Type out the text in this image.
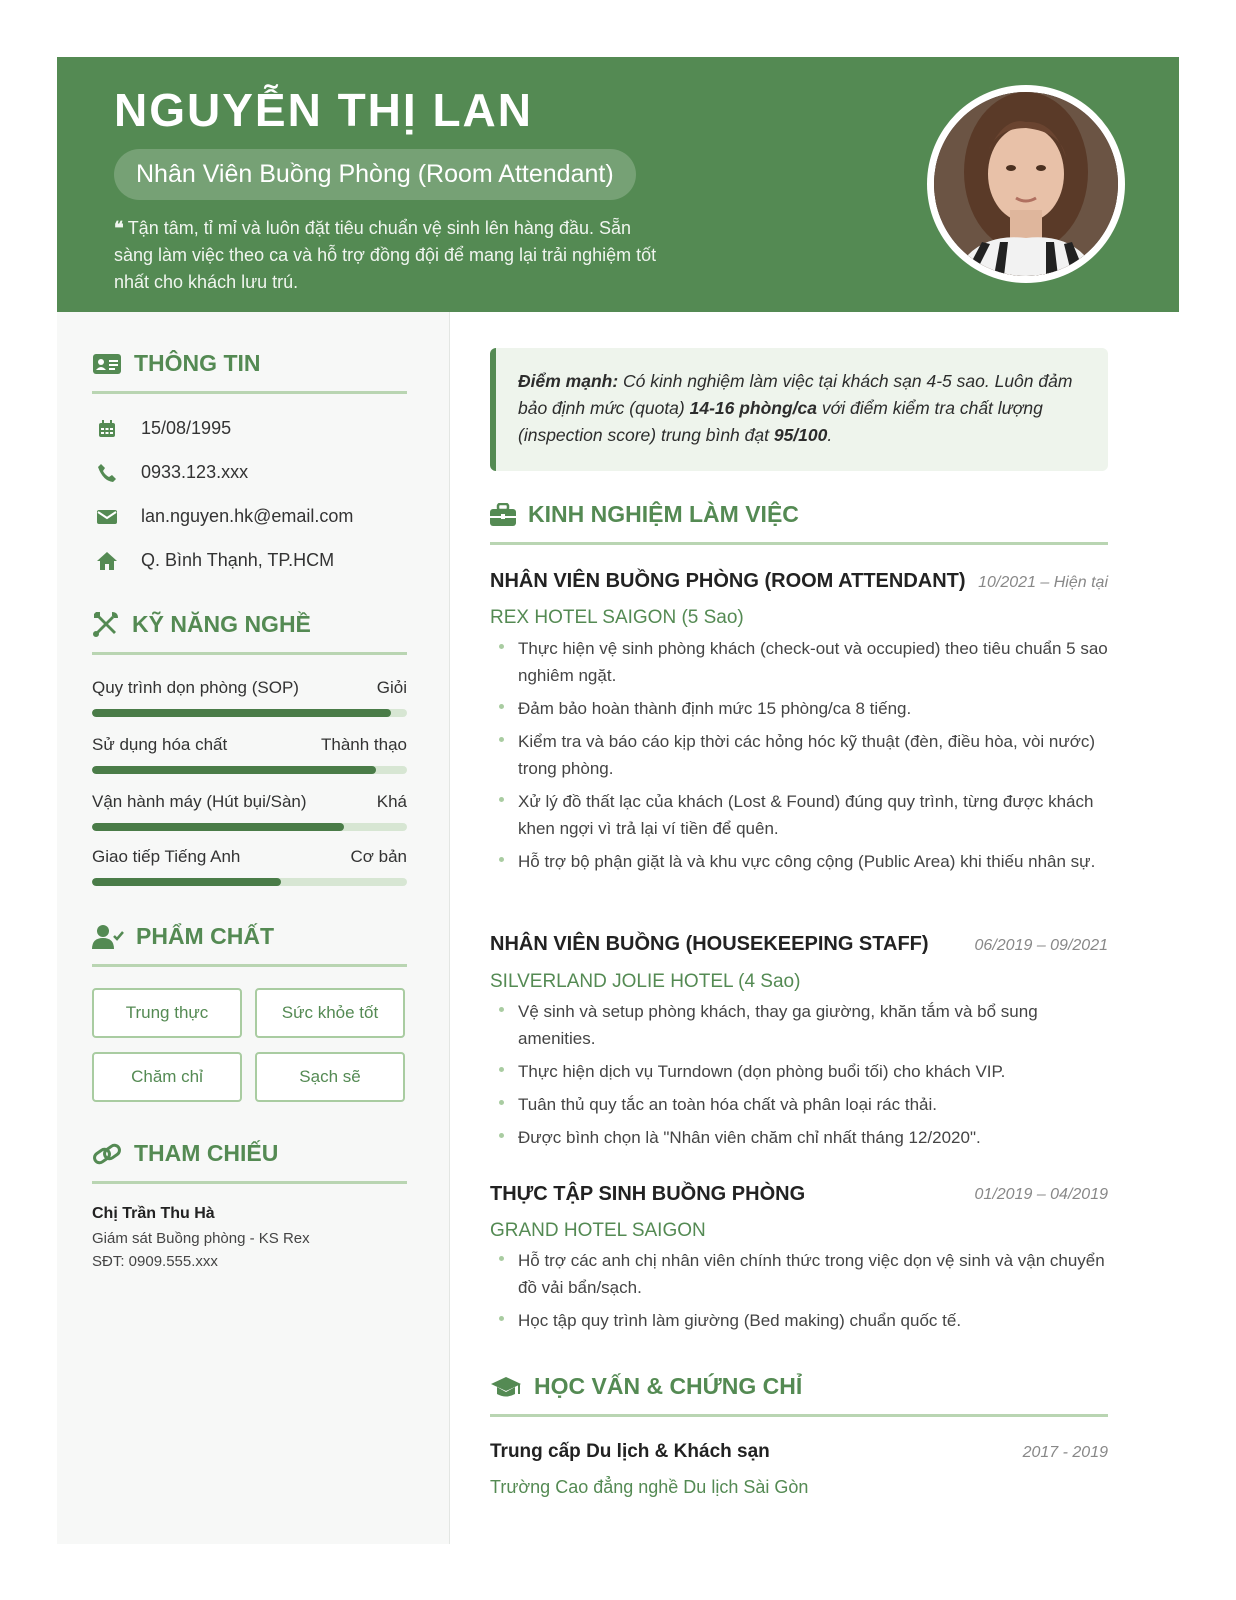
NGUYỄN THỊ LAN
Nhân Viên Buồng Phòng (Room Attendant)
❝ Tận tâm, tỉ mỉ và luôn đặt tiêu chuẩn vệ sinh lên hàng đầu. Sẵn sàng làm việc theo ca và hỗ trợ đồng đội để mang lại trải nghiệm tốt nhất cho khách lưu trú.
THÔNG TIN
15/08/1995
0933.123.xxx
lan.nguyen.hk@email.com
Q. Bình Thạnh, TP.HCM
KỸ NĂNG NGHỀ
Quy trình dọn phòng (SOP)	Giỏi
Sử dụng hóa chất	Thành thạo
Vận hành máy (Hút bụi/Sàn)	Khá
Giao tiếp Tiếng Anh	Cơ bản
PHẨM CHẤT
Trung thực	Sức khỏe tốt
Chăm chỉ	Sạch sẽ
THAM CHIẾU
Chị Trần Thu Hà
Giám sát Buồng phòng - KS Rex
SĐT: 0909.555.xxx
Điểm mạnh: Có kinh nghiệm làm việc tại khách sạn 4-5 sao. Luôn đảm bảo định mức (quota) 14-16 phòng/ca với điểm kiểm tra chất lượng (inspection score) trung bình đạt 95/100.
KINH NGHIỆM LÀM VIỆC
NHÂN VIÊN BUỒNG PHÒNG (ROOM ATTENDANT) 10/2021 – Hiện tại
REX HOTEL SAIGON (5 Sao)
Thực hiện vệ sinh phòng khách (check-out và occupied) theo tiêu chuẩn 5 sao nghiêm ngặt.
Đảm bảo hoàn thành định mức 15 phòng/ca 8 tiếng.
Kiểm tra và báo cáo kịp thời các hỏng hóc kỹ thuật (đèn, điều hòa, vòi nước) trong phòng.
Xử lý đồ thất lạc của khách (Lost & Found) đúng quy trình, từng được khách khen ngợi vì trả lại ví tiền để quên.
Hỗ trợ bộ phận giặt là và khu vực công cộng (Public Area) khi thiếu nhân sự.
NHÂN VIÊN BUỒNG (HOUSEKEEPING STAFF)	06/2019 – 09/2021
SILVERLAND JOLIE HOTEL (4 Sao)
Vệ sinh và setup phòng khách, thay ga giường, khăn tắm và bổ sung amenities.
Thực hiện dịch vụ Turndown (dọn phòng buổi tối) cho khách VIP.
Tuân thủ quy tắc an toàn hóa chất và phân loại rác thải.
Được bình chọn là "Nhân viên chăm chỉ nhất tháng 12/2020".
THỰC TẬP SINH BUỒNG PHÒNG	01/2019 – 04/2019
GRAND HOTEL SAIGON
Hỗ trợ các anh chị nhân viên chính thức trong việc dọn vệ sinh và vận chuyển đồ vải bẩn/sạch.
Học tập quy trình làm giường (Bed making) chuẩn quốc tế.
HỌC VẤN & CHỨNG CHỈ
Trung cấp Du lịch & Khách sạn	2017 - 2019
Trường Cao đẳng nghề Du lịch Sài Gòn
